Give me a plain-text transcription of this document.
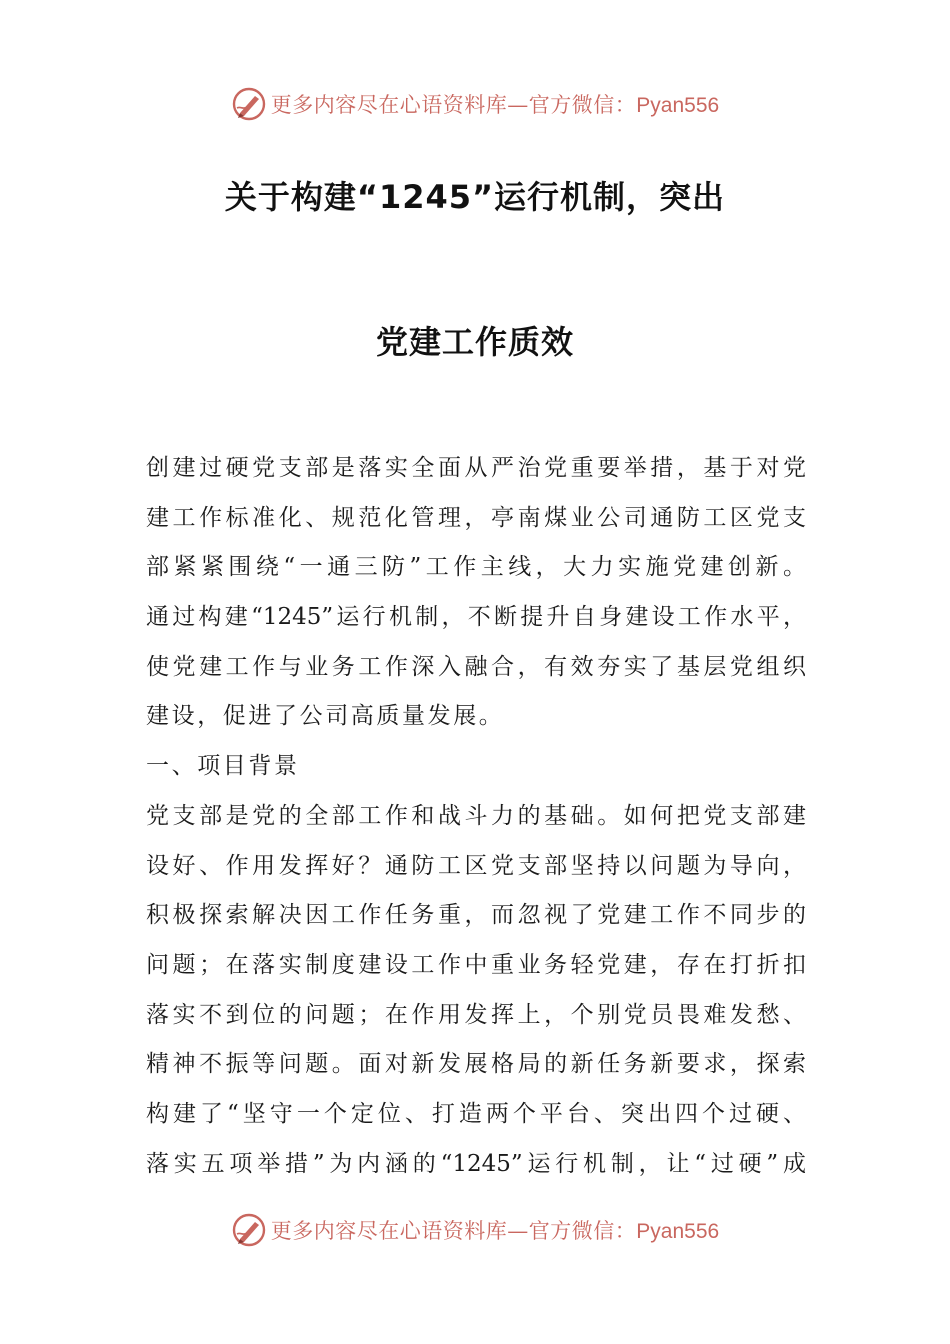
更多内容尽在心语资料库—官方微信：Pyan556
关于构建“1245”运行机制，突出
党建工作质效
创建过硬党支部是落实全面从严治党重要举措，基于对党
建工作标准化、规范化管理，亭南煤业公司通防工区党支
部紧紧围绕“一通三防”工作主线，大力实施党建创新。
通过构建“1245”运行机制，不断提升自身建设工作水平，
使党建工作与业务工作深入融合，有效夯实了基层党组织
建设，促进了公司高质量发展。
一、项目背景
党支部是党的全部工作和战斗力的基础。如何把党支部建
设好、作用发挥好？通防工区党支部坚持以问题为导向，
积极探索解决因工作任务重，而忽视了党建工作不同步的
问题；在落实制度建设工作中重业务轻党建，存在打折扣
落实不到位的问题；在作用发挥上，个别党员畏难发愁、
精神不振等问题。面对新发展格局的新任务新要求，探索
构建了“坚守一个定位、打造两个平台、突出四个过硬、
落实五项举措”为内涵的“1245”运行机制，让“过硬”成
更多内容尽在心语资料库—官方微信：Pyan556
